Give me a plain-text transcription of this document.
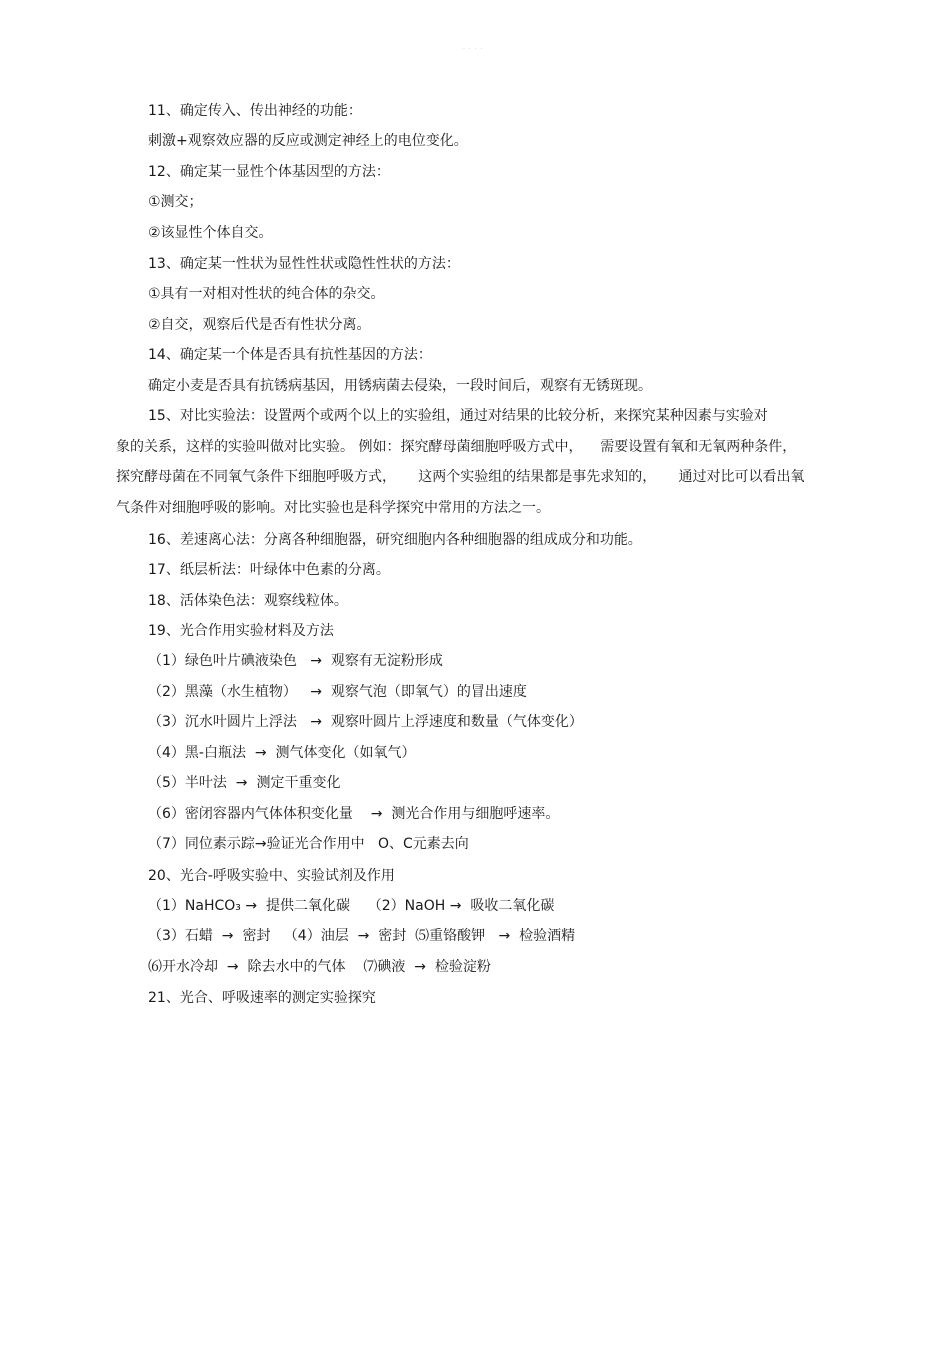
· · · ·
11、确定传入、传出神经的功能：
刺激+观察效应器的反应或测定神经上的电位变化。
12、确定某一显性个体基因型的方法：
①测交；
②该显性个体自交。
13、确定某一性状为显性性状或隐性性状的方法：
①具有一对相对性状的纯合体的杂交。
②自交，观察后代是否有性状分离。
14、确定某一个体是否具有抗性基因的方法：
确定小麦是否具有抗锈病基因，用锈病菌去侵染，一段时间后，观察有无锈斑现。
15、对比实验法：设置两个或两个以上的实验组，通过对结果的比较分析，来探究某种因素与实验对
象的关系，这样的实验叫做对比实验。 例如：探究酵母菌细胞呼吸方式中，    需要设置有氧和无氧两种条件，
探究酵母菌在不同氧气条件下细胞呼吸方式，     这两个实验组的结果都是事先求知的，     通过对比可以看出氧
气条件对细胞呼吸的影响。对比实验也是科学探究中常用的方法之一。
16、差速离心法：分离各种细胞器，研究细胞内各种细胞器的组成成分和功能。
17、纸层析法：叶绿体中色素的分离。
18、活体染色法：观察线粒体。
19、光合作用实验材料及方法
（1）绿色叶片碘液染色   →  观察有无淀粉形成
（2）黑藻（水生植物）   →  观察气泡（即氧气）的冒出速度
（3）沉水叶圆片上浮法   →  观察叶圆片上浮速度和数量（气体变化）
（4）黑-白瓶法  →  测气体变化（如氧气）
（5）半叶法  →  测定干重变化
（6）密闭容器内气体体积变化量    →  测光合作用与细胞呼速率。
（7）同位素示踪→验证光合作用中   O、C元素去向
20、光合-呼吸实验中、实验试剂及作用
（1）NaHCO₃ →  提供二氧化碳    （2）NaOH →  吸收二氧化碳
（3）石蜡  →  密封   （4）油层  →  密封  ⑸重铬酸钾   →  检验酒精
⑹开水冷却  →  除去水中的气体    ⑺碘液  →  检验淀粉
21、光合、呼吸速率的测定实验探究
